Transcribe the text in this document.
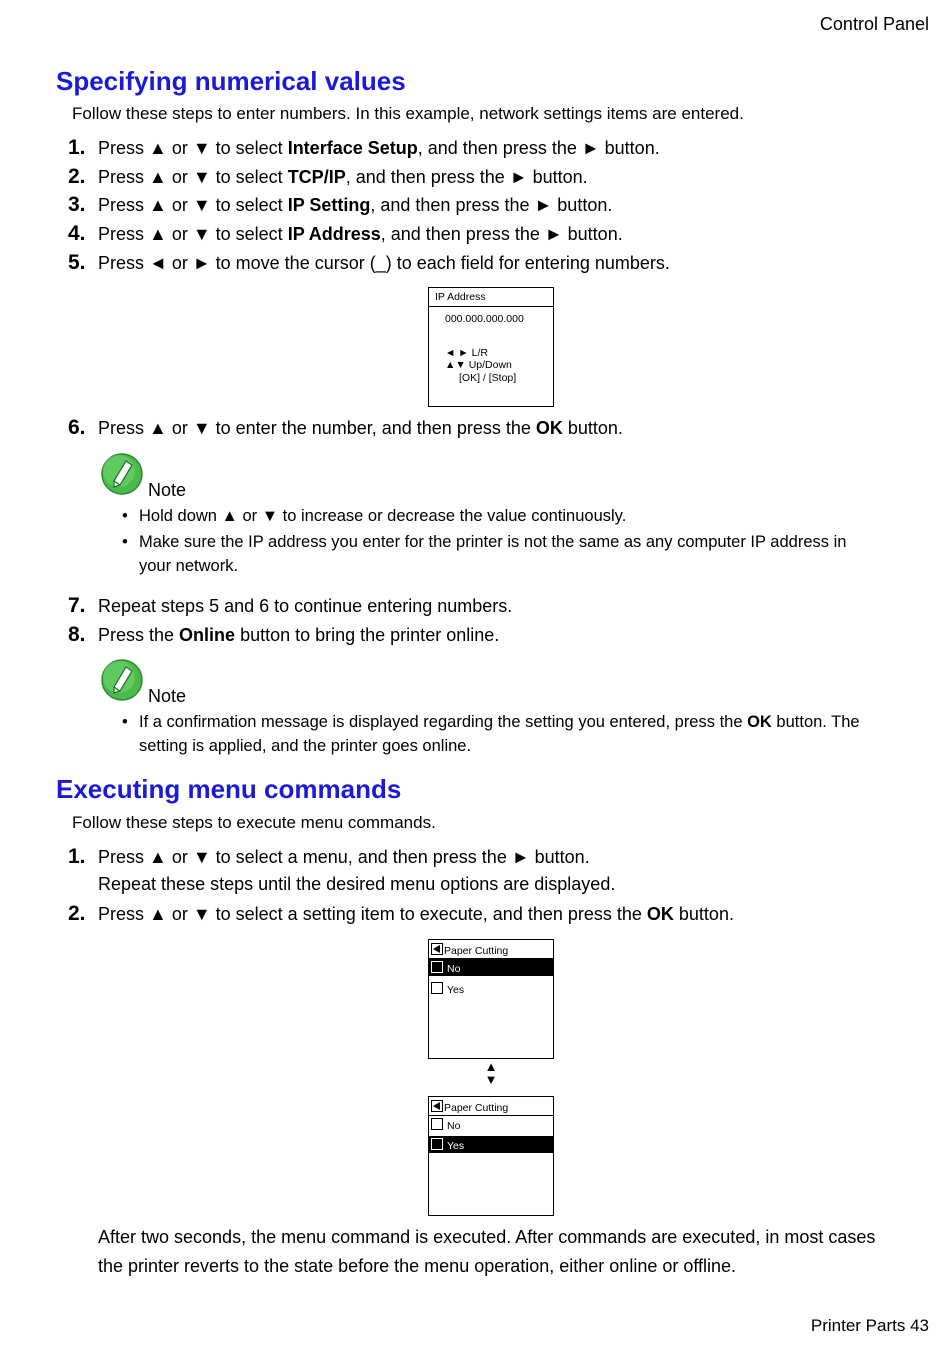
Control Panel
Specifying numerical values
Follow these steps to enter numbers. In this example, network settings items are entered.
1. Press ▲ or ▼ to select Interface Setup, and then press the ► button.
2. Press ▲ or ▼ to select TCP/IP, and then press the ► button.
3. Press ▲ or ▼ to select IP Setting, and then press the ► button.
4. Press ▲ or ▼ to select IP Address, and then press the ► button.
5. Press ◄ or ► to move the cursor (_) to each field for entering numbers.
IP Address
000.000.000.000
◄ ► L/R
▲▼ Up/Down
[OK] / [Stop]
6. Press ▲ or ▼ to enter the number, and then press the OK button.
Note
• Hold down ▲ or ▼ to increase or decrease the value continuously.
• Make sure the IP address you enter for the printer is not the same as any computer IP address in your network.
7. Repeat steps 5 and 6 to continue entering numbers.
8. Press the Online button to bring the printer online.
Note
• If a confirmation message is displayed regarding the setting you entered, press the OK button. The setting is applied, and the printer goes online.
Executing menu commands
Follow these steps to execute menu commands.
1. Press ▲ or ▼ to select a menu, and then press the ► button.
Repeat these steps until the desired menu options are displayed.
2. Press ▲ or ▼ to select a setting item to execute, and then press the OK button.
Paper Cutting
No
Yes
▲▼
Paper Cutting
No
Yes
After two seconds, the menu command is executed. After commands are executed, in most cases the printer reverts to the state before the menu operation, either online or offline.
Printer Parts 43
